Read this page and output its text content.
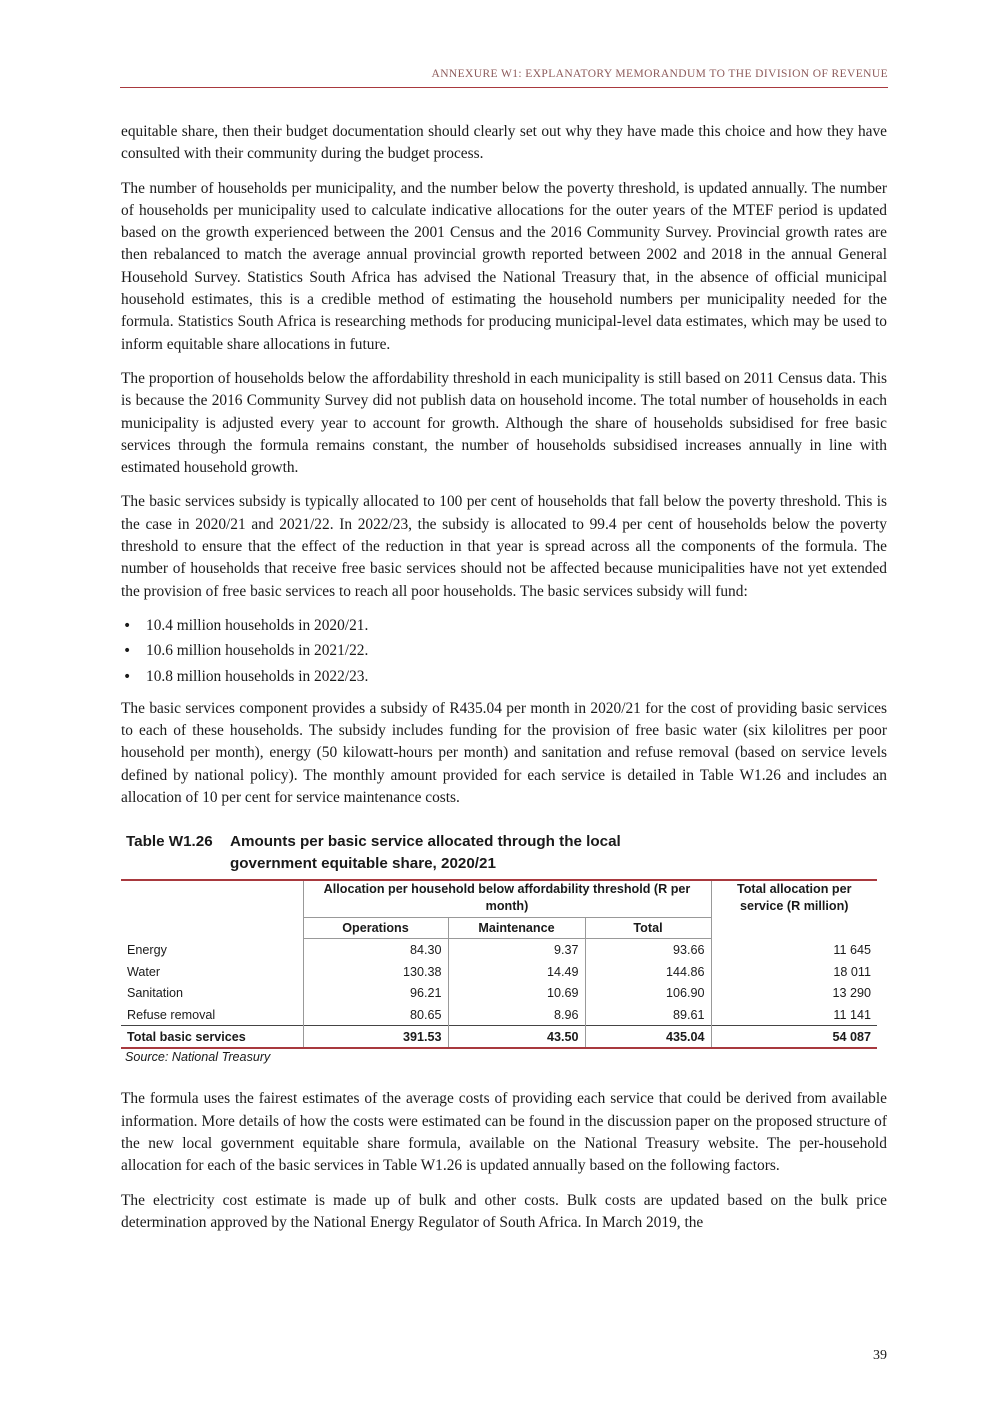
ANNEXURE W1: EXPLANATORY MEMORANDUM TO THE DIVISION OF REVENUE

equitable share, then their budget documentation should clearly set out why they have made this choice and how they have consulted with their community during the budget process.

The number of households per municipality, and the number below the poverty threshold, is updated annually. The number of households per municipality used to calculate indicative allocations for the outer years of the MTEF period is updated based on the growth experienced between the 2001 Census and the 2016 Community Survey. Provincial growth rates are then rebalanced to match the average annual provincial growth reported between 2002 and 2018 in the annual General Household Survey. Statistics South Africa has advised the National Treasury that, in the absence of official municipal household estimates, this is a credible method of estimating the household numbers per municipality needed for the formula. Statistics South Africa is researching methods for producing municipal-level data estimates, which may be used to inform equitable share allocations in future.

The proportion of households below the affordability threshold in each municipality is still based on 2011 Census data. This is because the 2016 Community Survey did not publish data on household income. The total number of households in each municipality is adjusted every year to account for growth. Although the share of households subsidised for free basic services through the formula remains constant, the number of households subsidised increases annually in line with estimated household growth.

The basic services subsidy is typically allocated to 100 per cent of households that fall below the poverty threshold. This is the case in 2020/21 and 2021/22. In 2022/23, the subsidy is allocated to 99.4 per cent of households below the poverty threshold to ensure that the effect of the reduction in that year is spread across all the components of the formula. The number of households that receive free basic services should not be affected because municipalities have not yet extended the provision of free basic services to reach all poor households. The basic services subsidy will fund:

• 10.4 million households in 2020/21.
• 10.6 million households in 2021/22.
• 10.8 million households in 2022/23.

The basic services component provides a subsidy of R435.04 per month in 2020/21 for the cost of providing basic services to each of these households. The subsidy includes funding for the provision of free basic water (six kilolitres per poor household per month), energy (50 kilowatt-hours per month) and sanitation and refuse removal (based on service levels defined by national policy). The monthly amount provided for each service is detailed in Table W1.26 and includes an allocation of 10 per cent for service maintenance costs.

Table W1.26 Amounts per basic service allocated through the local
government equitable share, 2020/21
	Allocation per household below affordability threshold (R per month)			Total allocation per service (R million)
	Operations	Maintenance	Total	
Energy	84.30	9.37	93.66	11 645
Water	130.38	14.49	144.86	18 011
Sanitation	96.21	10.69	106.90	13 290
Refuse removal	80.65	8.96	89.61	11 141
Total basic services	391.53	43.50	435.04	54 087
Source: National Treasury

The formula uses the fairest estimates of the average costs of providing each service that could be derived from available information. More details of how the costs were estimated can be found in the discussion paper on the proposed structure of the new local government equitable share formula, available on the National Treasury website. The per-household allocation for each of the basic services in Table W1.26 is updated annually based on the following factors.

The electricity cost estimate is made up of bulk and other costs. Bulk costs are updated based on the bulk price determination approved by the National Energy Regulator of South Africa. In March 2019, the

39
